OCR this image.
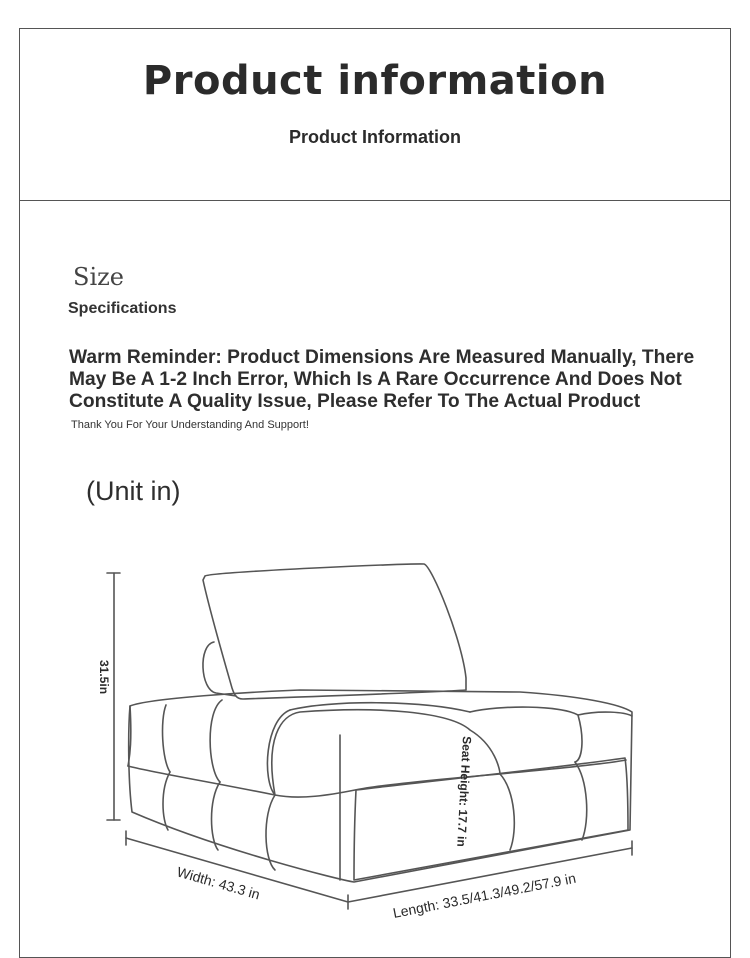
Product information
Product Information
Size
Specifications
Warm Reminder: Product Dimensions Are Measured Manually, There May Be A 1-2 Inch Error, Which Is A Rare Occurrence And Does Not Constitute A Quality Issue, Please Refer To The Actual Product
Thank You For Your Understanding And Support!
(Unit in)
31.5in
Seat Height: 17.7 in
Width: 43.3 in	Length: 33.5/41.3/49.2/57.9 in
